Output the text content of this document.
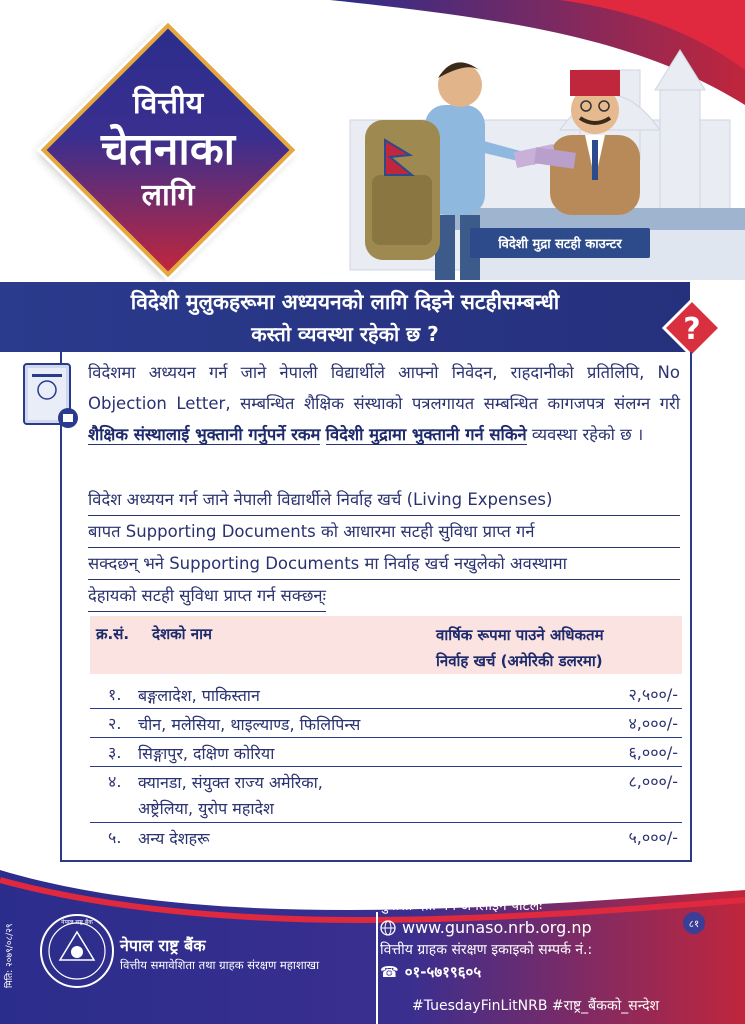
वित्तीय
चेतनाका
लागि
विदेशी मुद्रा सटही काउन्टर
विदेशी मुलुकहरूमा अध्ययनको लागि दिइने सटहीसम्बन्धी
कस्तो व्यवस्था रहेको छ ?	?
विदेशमा अध्ययन गर्न जाने नेपाली विद्यार्थीले आफ्नो निवेदन, राहदानीको प्रतिलिपि, No Objection Letter, सम्बन्धित शैक्षिक संस्थाको पत्रलगायत सम्बन्धित कागजपत्र संलग्न गरी शैक्षिक संस्थालाई भुक्तानी गर्नुपर्ने रकम विदेशी मुद्रामा भुक्तानी गर्न सकिने व्यवस्था रहेको छ ।
विदेश अध्ययन गर्न जाने नेपाली विद्यार्थीले निर्वाह खर्च (Living Expenses)
बापत Supporting Documents को आधारमा सटही सुविधा प्राप्त गर्न
सक्दछन् भने Supporting Documents मा निर्वाह खर्च नखुलेको अवस्थामा
देहायको सटही सुविधा प्राप्त गर्न सक्छन्ः
क्र.सं. देशको नाम	वार्षिक रूपमा पाउने अधिकतम
निर्वाह खर्च (अमेरिकी डलरमा)
१. बङ्गलादेश, पाकिस्तान	२,५००/-
२. चीन, मलेसिया, थाइल्याण्ड, फिलिपिन्स	४,०००/-
३. सिङ्गापुर, दक्षिण कोरिया	६,०००/-
४. क्यानडा, संयुक्त राज्य अमेरिका,
अष्ट्रेलिया, युरोप महादेश
८,०००/-
५. अन्य देशहरू	५,०००/-
नेपाल राष्ट्र बैंक
नेपाल राष्ट्र बैंक
वित्तीय समावेशिता तथा ग्राहक संरक्षण महाशाखा
मिति: २०७९/०८/२९
गुनासो दर्ता गर्ने अनलाइन पोर्टलः
www.gunaso.nrb.org.np
वित्तीय ग्राहक संरक्षण इकाइको सम्पर्क नं.:
☎ ०१-५७१९६०५
८१
#TuesdayFinLitNRB #राष्ट्र_बैंकको_सन्देश
